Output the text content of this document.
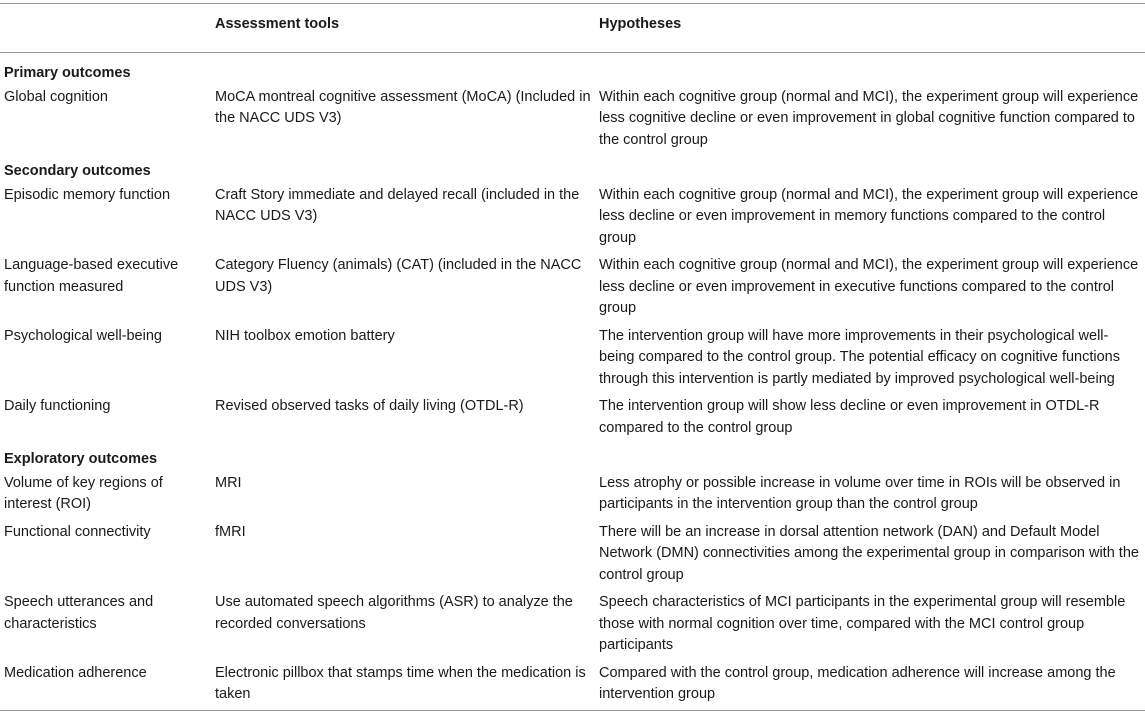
	Assessment tools	Hypotheses
Primary outcomes		
Global cognition	MoCA montreal cognitive assessment (MoCA) (Included in the NACC UDS V3)	Within each cognitive group (normal and MCI), the experiment group will experience less cognitive decline or even improvement in global cognitive function compared to the control group
Secondary outcomes		
Episodic memory function	Craft Story immediate and delayed recall (included in the NACC UDS V3)	Within each cognitive group (normal and MCI), the experiment group will experience less decline or even improvement in memory functions compared to the control group
Language-based executive function measured	Category Fluency (animals) (CAT) (included in the NACC UDS V3)	Within each cognitive group (normal and MCI), the experiment group will experience less decline or even improvement in executive functions compared to the control group
Psychological well-being	NIH toolbox emotion battery	The intervention group will have more improvements in their psychological well-being compared to the control group. The potential efficacy on cognitive functions through this intervention is partly mediated by improved psychological well-being
Daily functioning	Revised observed tasks of daily living (OTDL-R)	The intervention group will show less decline or even improvement in OTDL-R compared to the control group
Exploratory outcomes		
Volume of key regions of interest (ROI)	MRI	Less atrophy or possible increase in volume over time in ROIs will be observed in participants in the intervention group than the control group
Functional connectivity	fMRI	There will be an increase in dorsal attention network (DAN) and Default Model Network (DMN) connectivities among the experimental group in comparison with the control group
Speech utterances and characteristics	Use automated speech algorithms (ASR) to analyze the recorded conversations	Speech characteristics of MCI participants in the experimental group will resemble those with normal cognition over time, compared with the MCI control group participants
Medication adherence	Electronic pillbox that stamps time when the medication is taken	Compared with the control group, medication adherence will increase among the intervention group
